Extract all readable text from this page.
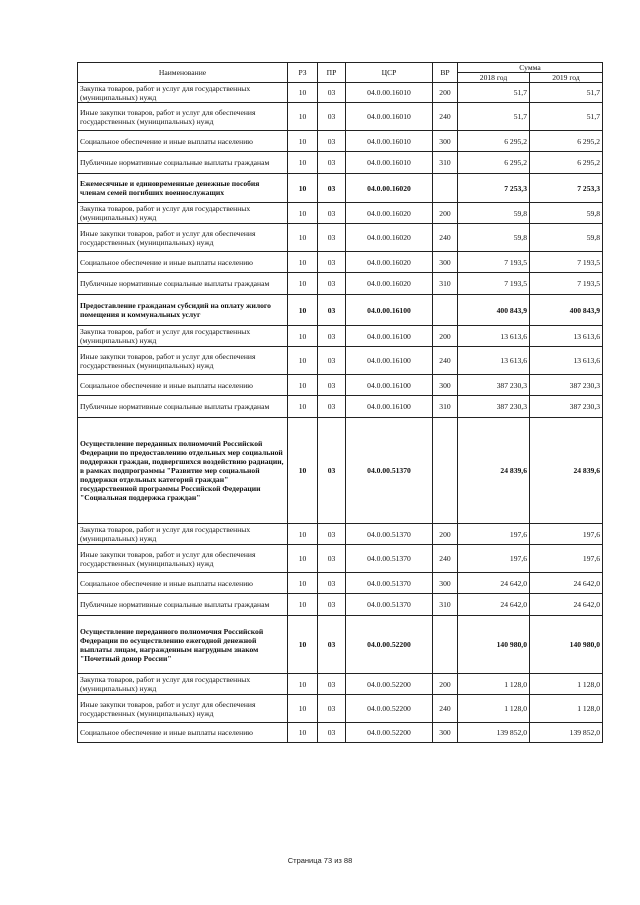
Наименование	РЗ	ПР	ЦСР	ВР	Сумма	
					2018 год	2019 год
Закупка товаров, работ и услуг для государственных (муниципальных) нужд	10	03	04.0.00.16010	200	51,7	51,7
Иные закупки товаров, работ и услуг для обеспечения государственных (муниципальных) нужд	10	03	04.0.00.16010	240	51,7	51,7
Социальное обеспечение и иные выплаты населению	10	03	04.0.00.16010	300	6 295,2	6 295,2
Публичные нормативные социальные выплаты гражданам	10	03	04.0.00.16010	310	6 295,2	6 295,2
Ежемесячные и единовременные денежные пособия членам семей погибших военнослужащих	10	03	04.0.00.16020		7 253,3	7 253,3
Закупка товаров, работ и услуг для государственных (муниципальных) нужд	10	03	04.0.00.16020	200	59,8	59,8
Иные закупки товаров, работ и услуг для обеспечения государственных (муниципальных) нужд	10	03	04.0.00.16020	240	59,8	59,8
Социальное обеспечение и иные выплаты населению	10	03	04.0.00.16020	300	7 193,5	7 193,5
Публичные нормативные социальные выплаты гражданам	10	03	04.0.00.16020	310	7 193,5	7 193,5
Предоставление гражданам субсидий на оплату жилого помещения и коммунальных услуг	10	03	04.0.00.16100		400 843,9	400 843,9
Закупка товаров, работ и услуг для государственных (муниципальных) нужд	10	03	04.0.00.16100	200	13 613,6	13 613,6
Иные закупки товаров, работ и услуг для обеспечения государственных (муниципальных) нужд	10	03	04.0.00.16100	240	13 613,6	13 613,6
Социальное обеспечение и иные выплаты населению	10	03	04.0.00.16100	300	387 230,3	387 230,3
Публичные нормативные социальные выплаты гражданам	10	03	04.0.00.16100	310	387 230,3	387 230,3
Осуществление переданных полномочий Российской Федерации по предоставлению отдельных мер социальной поддержки граждан, подвергшихся воздействию радиации, в рамках подпрограммы "Развитие мер социальной поддержки отдельных категорий граждан" государственной программы Российской Федерации "Социальная поддержка граждан"	10	03	04.0.00.51370		24 839,6	24 839,6
Закупка товаров, работ и услуг для государственных (муниципальных) нужд	10	03	04.0.00.51370	200	197,6	197,6
Иные закупки товаров, работ и услуг для обеспечения государственных (муниципальных) нужд	10	03	04.0.00.51370	240	197,6	197,6
Социальное обеспечение и иные выплаты населению	10	03	04.0.00.51370	300	24 642,0	24 642,0
Публичные нормативные социальные выплаты гражданам	10	03	04.0.00.51370	310	24 642,0	24 642,0
Осуществление переданного полномочия Российской Федерации по осуществлению ежегодной денежной выплаты лицам, награжденным нагрудным знаком "Почетный донор России"	10	03	04.0.00.52200		140 980,0	140 980,0
Закупка товаров, работ и услуг для государственных (муниципальных) нужд	10	03	04.0.00.52200	200	1 128,0	1 128,0
Иные закупки товаров, работ и услуг для обеспечения государственных (муниципальных) нужд	10	03	04.0.00.52200	240	1 128,0	1 128,0
Социальное обеспечение и иные выплаты населению	10	03	04.0.00.52200	300	139 852,0	139 852,0
Страница 73 из 88
